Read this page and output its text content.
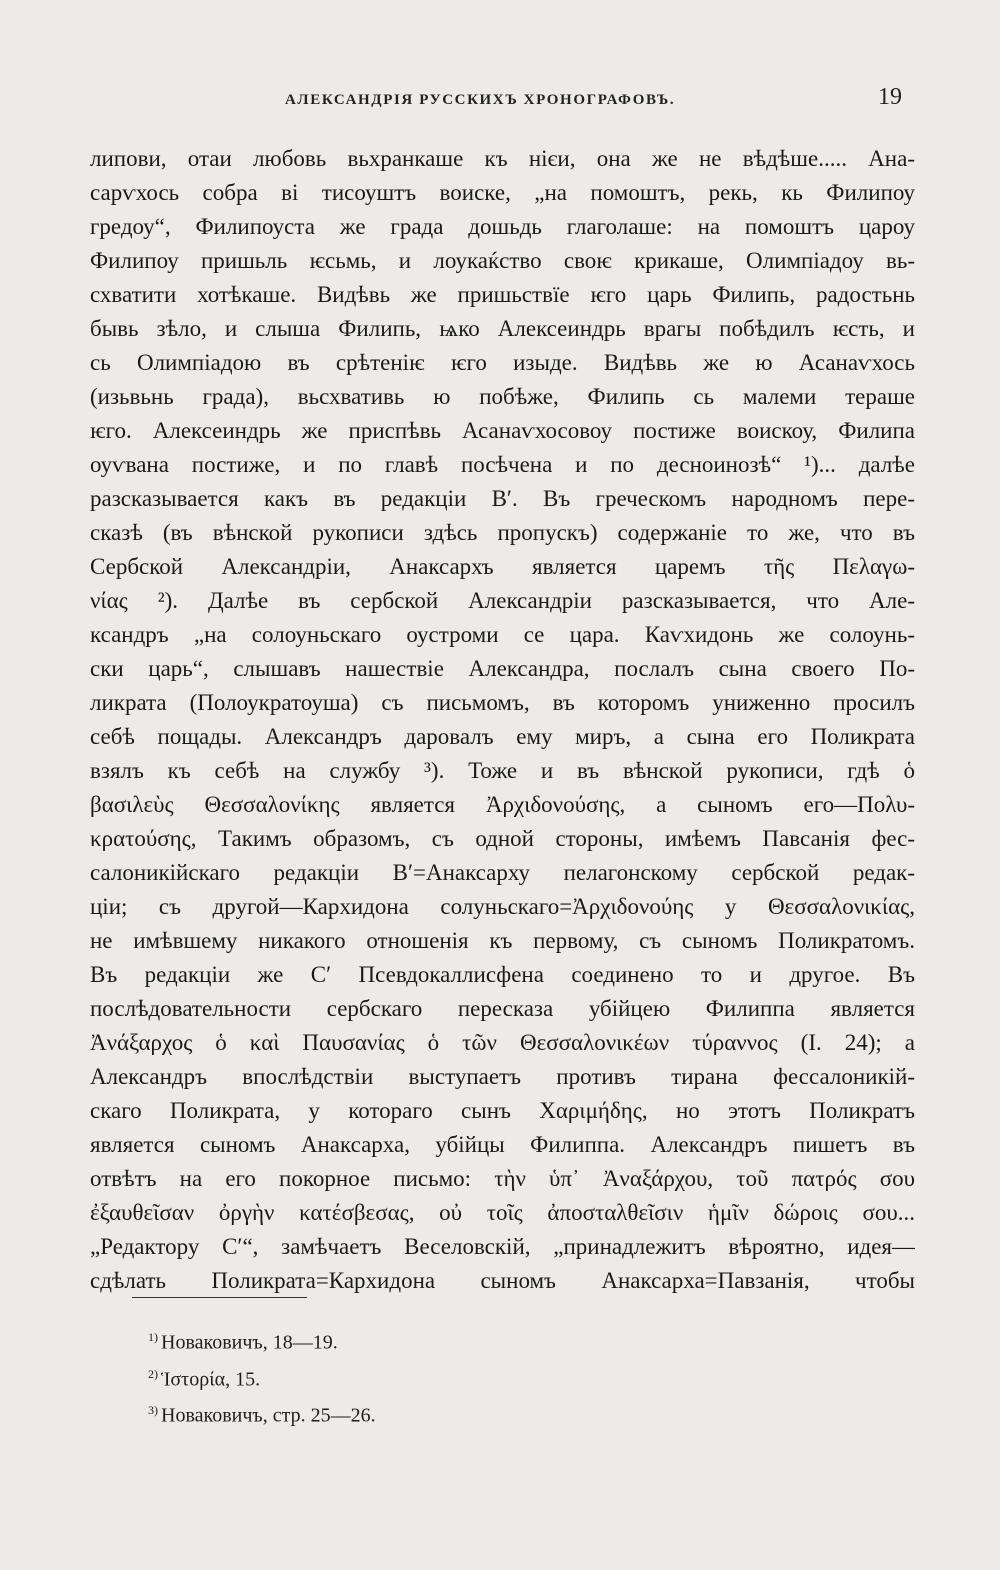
АЛЕКСАНДРІЯ РУССКИХЪ ХРОНОГРАФОВЪ.	19
липови, отаи любовь вьхранкаше къ нієи, она же не вѣдѣше..... Ана-
сарѵхось собра ві тисоуштъ воиске, „на помоштъ, рекь, кь Филипоу
гредоу“, Филипоуста же града дошьдь глаголаше: на помоштъ цароу
Филипоу пришьль ѥсьмь, и лоукаќство своѥ крикаше, Олимпіадоу вь-
схватити хотѣкаше. Видѣвь же пришьствїе ѥго царь Филипь, радостьнь
бывь зѣло, и слыша Филипь, ѩко Алексеиндрь врагы побѣдилъ ѥсть, и
сь Олимпіадою въ срѣтеніѥ ѥго изыде. Видѣвь же ю Асанаѵхось
(изьвьнь града), вьсхвативь ю побѣже, Филипь сь малеми тераше
ѥго. Алексеиндрь же приспѣвь Асанаѵхосовоу постиже воискоу, Филипа
оуѵвана постиже, и по главѣ посѣчена и по десноинозѣ“ ¹)... далѣе
разсказывается какъ въ редакціи В′. Въ греческомъ народномъ пере-
сказѣ (въ вѣнской рукописи здѣсь пропускъ) содержаніе то же, что въ
Сербской Александріи, Анаксархъ является царемъ τῆς Πελαγω-
νίας ²). Далѣе въ сербской Александріи разсказывается, что Але-
ксандръ „на солоуньскаго оустроми се цара. Каѵхидонь же солоунь-
ски царь“, слышавъ нашествіе Александра, послалъ сына своего По-
ликрата (Полоукратоуша) съ письмомъ, въ которомъ униженно просилъ
себѣ пощады. Александръ даровалъ ему миръ, а сына его Поликрата
взялъ къ себѣ на службу ³). Тоже и въ вѣнской рукописи, гдѣ ὁ
βασιλεὺς Θεσσαλονίκης является Ἀρχιδονούσης, а сыномъ его—Πολυ-
κρατούσης, Такимъ образомъ, съ одной стороны, имѣемъ Павсанія фес-
салоникійскаго редакціи В′=Анаксарху пелагонскому сербской редак-
ціи; съ другой—Кархидона солуньскаго=Ἀρχιδονούης у Θεσσαλονικίας,
не имѣвшему никакого отношенія къ первому, съ сыномъ Поликратомъ.
Въ редакціи же С′ Псевдокаллисфена соединено то и другое. Въ
послѣдовательности сербскаго пересказа убійцею Филиппа является
Ἀνάξαρχος ὁ καὶ Παυσανίας ὁ τῶν Θεσσαλονικέων τύραννος (I. 24); а
Александръ впослѣдствіи выступаетъ противъ тирана фессалоникій-
скаго Поликрата, у котораго сынъ Χαριμήδης, но этотъ Поликратъ
является сыномъ Анаксарха, убійцы Филиппа. Александръ пишетъ въ
отвѣтъ на его покорное письмо: τὴν ὑπ᾽ Ἀναξάρχου, τοῦ πατρός σου
ἐξαυθεῖσαν ὀργὴν κατέσβεσας, οὐ τοῖς ἀποσταλθεῖσιν ἡμῖν δώροις σου...
„Редактору С′“, замѣчаетъ Веселовскій, „принадлежитъ вѣроятно, идея—
сдѣлать Поликрата=Кархидона сыномъ Анаксарха=Павзанія, чтобы
$^{1)}$ Новаковичъ, 18—19.
$^{2)}$ Ἱστορία, 15.
$^{3)}$ Новаковичъ, стр. 25—26.
